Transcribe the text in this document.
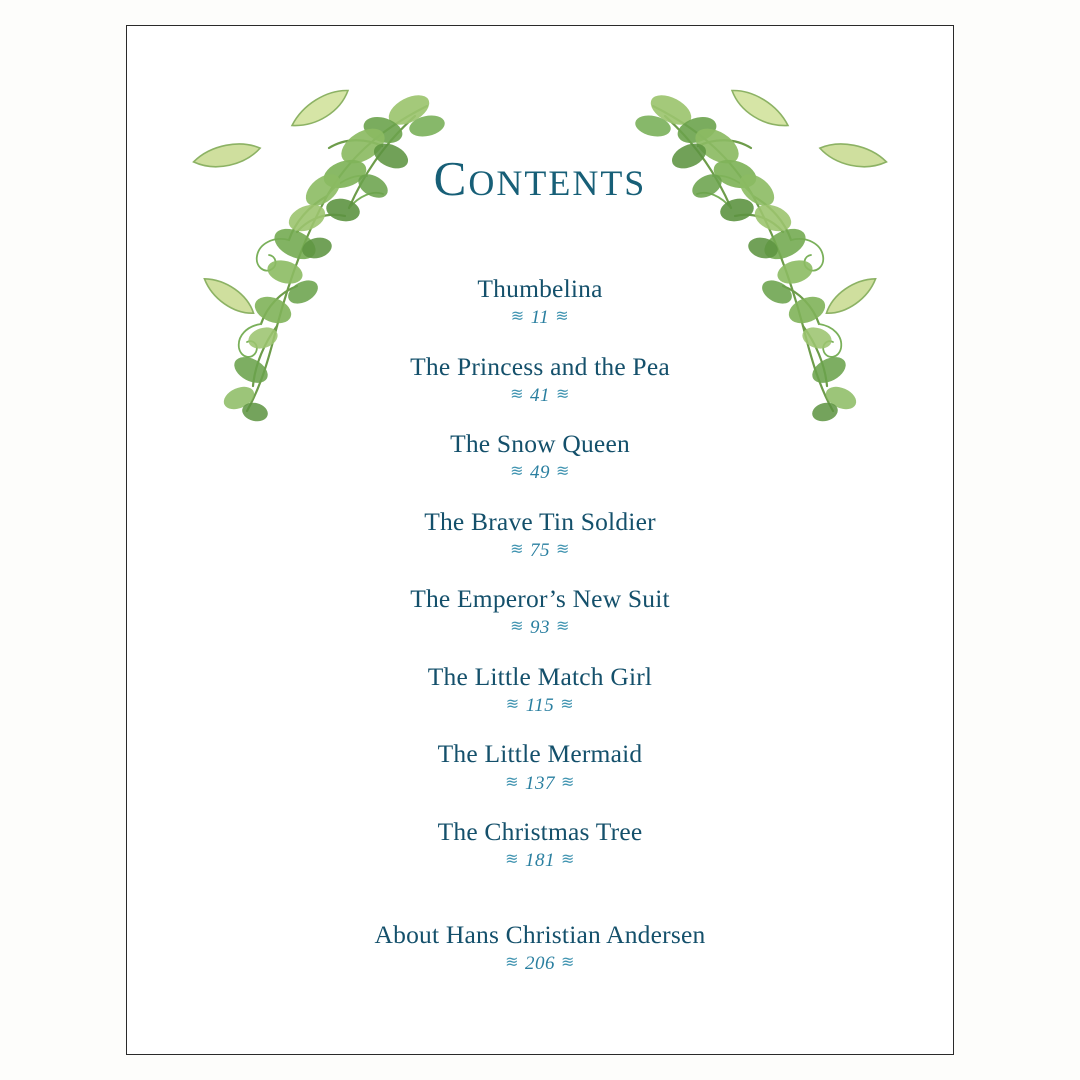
CONTENTS
Thumbelina
≋ 11 ≋
The Princess and the Pea
≋ 41 ≋
The Snow Queen
≋ 49 ≋
The Brave Tin Soldier
≋ 75 ≋
The Emperor’s New Suit
≋ 93 ≋
The Little Match Girl
≋ 115 ≋
The Little Mermaid
≋ 137 ≋
The Christmas Tree
≋ 181 ≋
About Hans Christian Andersen
≋ 206 ≋
